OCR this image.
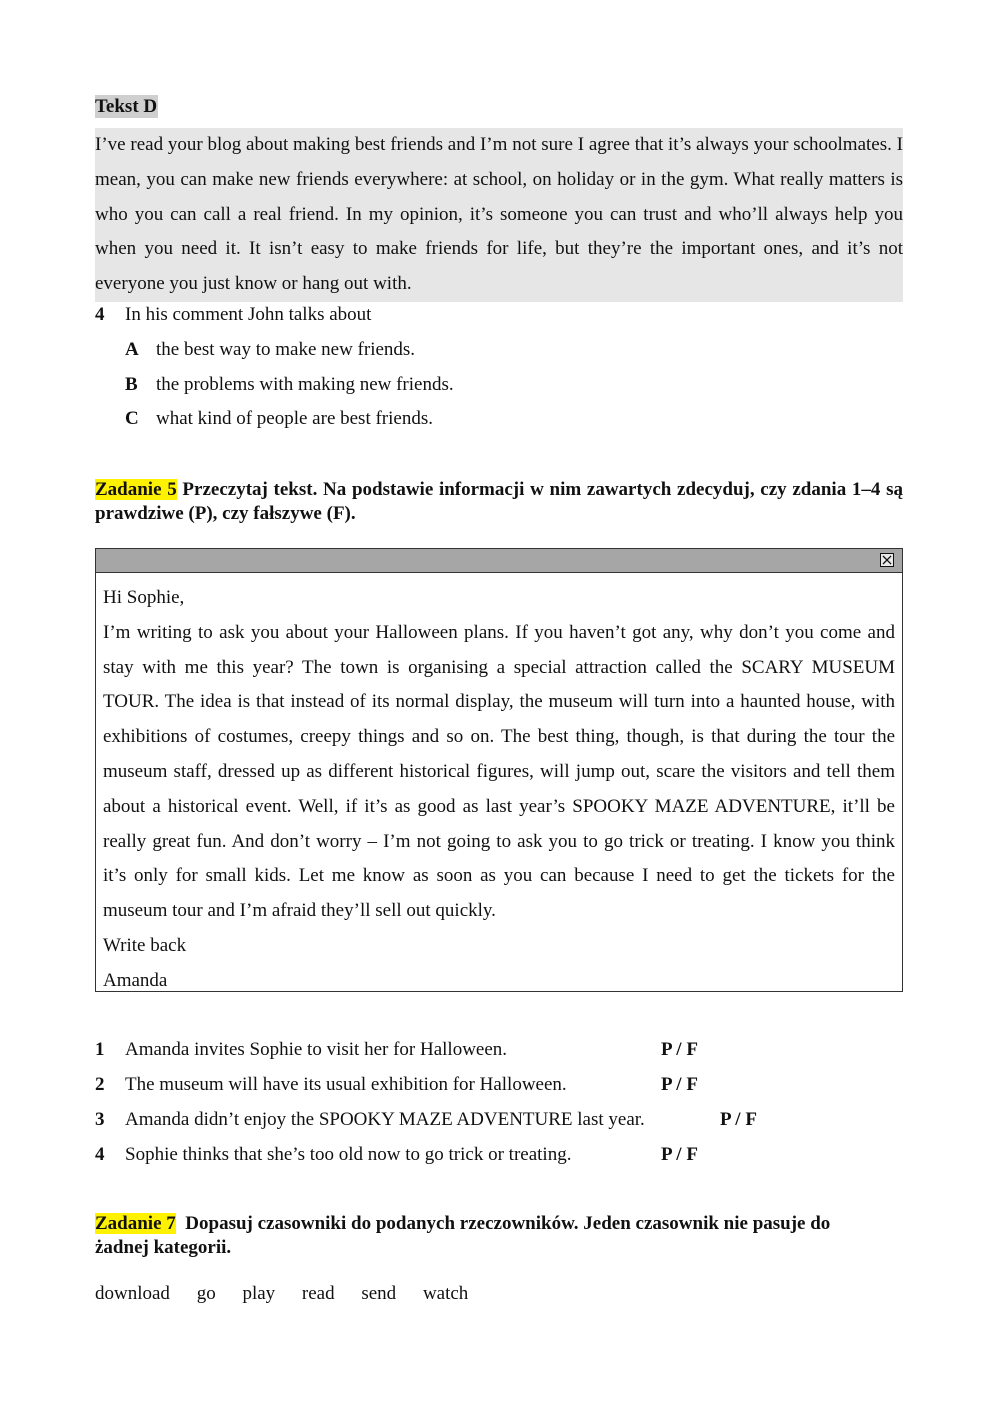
Tekst D
I’ve read your blog about making best friends and I’m not sure I agree that it’s always your schoolmates. I mean, you can make new friends everywhere: at school, on holiday or in the gym. What really matters is who you can call a real friend. In my opinion, it’s someone you can trust and who’ll always help you when you need it. It isn’t easy to make friends for life, but they’re the important ones, and it’s not everyone you just know or hang out with.
4 In his comment John talks about
A the best way to make new friends.
B the problems with making new friends.
C what kind of people are best friends.
Zadanie 5 Przeczytaj tekst. Na podstawie informacji w nim zawartych zdecyduj, czy zdania 1–4 są prawdziwe (P), czy fałszywe (F).

Hi Sophie,

I’m writing to ask you about your Halloween plans. If you haven’t got any, why don’t you come and stay with me this year? The town is organising a special attraction called the SCARY MUSEUM TOUR. The idea is that instead of its normal display, the museum will turn into a haunted house, with exhibitions of costumes, creepy things and so on. The best thing, though, is that during the tour the museum staff, dressed up as different historical figures, will jump out, scare the visitors and tell them about a historical event. Well, if it’s as good as last year’s SPOOKY MAZE ADVENTURE, it’ll be really great fun. And don’t worry – I’m not going to ask you to go trick or treating. I know you think it’s only for small kids. Let me know as soon as you can because I need to get the tickets for the museum tour and I’m afraid they’ll sell out quickly.

Write back

Amanda

1 Amanda invites Sophie to visit her for Halloween.	P / F
2 The museum will have its usual exhibition for Halloween.	P / F
3 Amanda didn’t enjoy the SPOOKY MAZE ADVENTURE last year.	P / F
4 Sophie thinks that she’s too old now to go trick or treating.	P / F
Zadanie 7 Dopasuj czasowniki do podanych rzeczowników. Jeden czasownik nie pasuje do żadnej kategorii.
download go play read send watch
